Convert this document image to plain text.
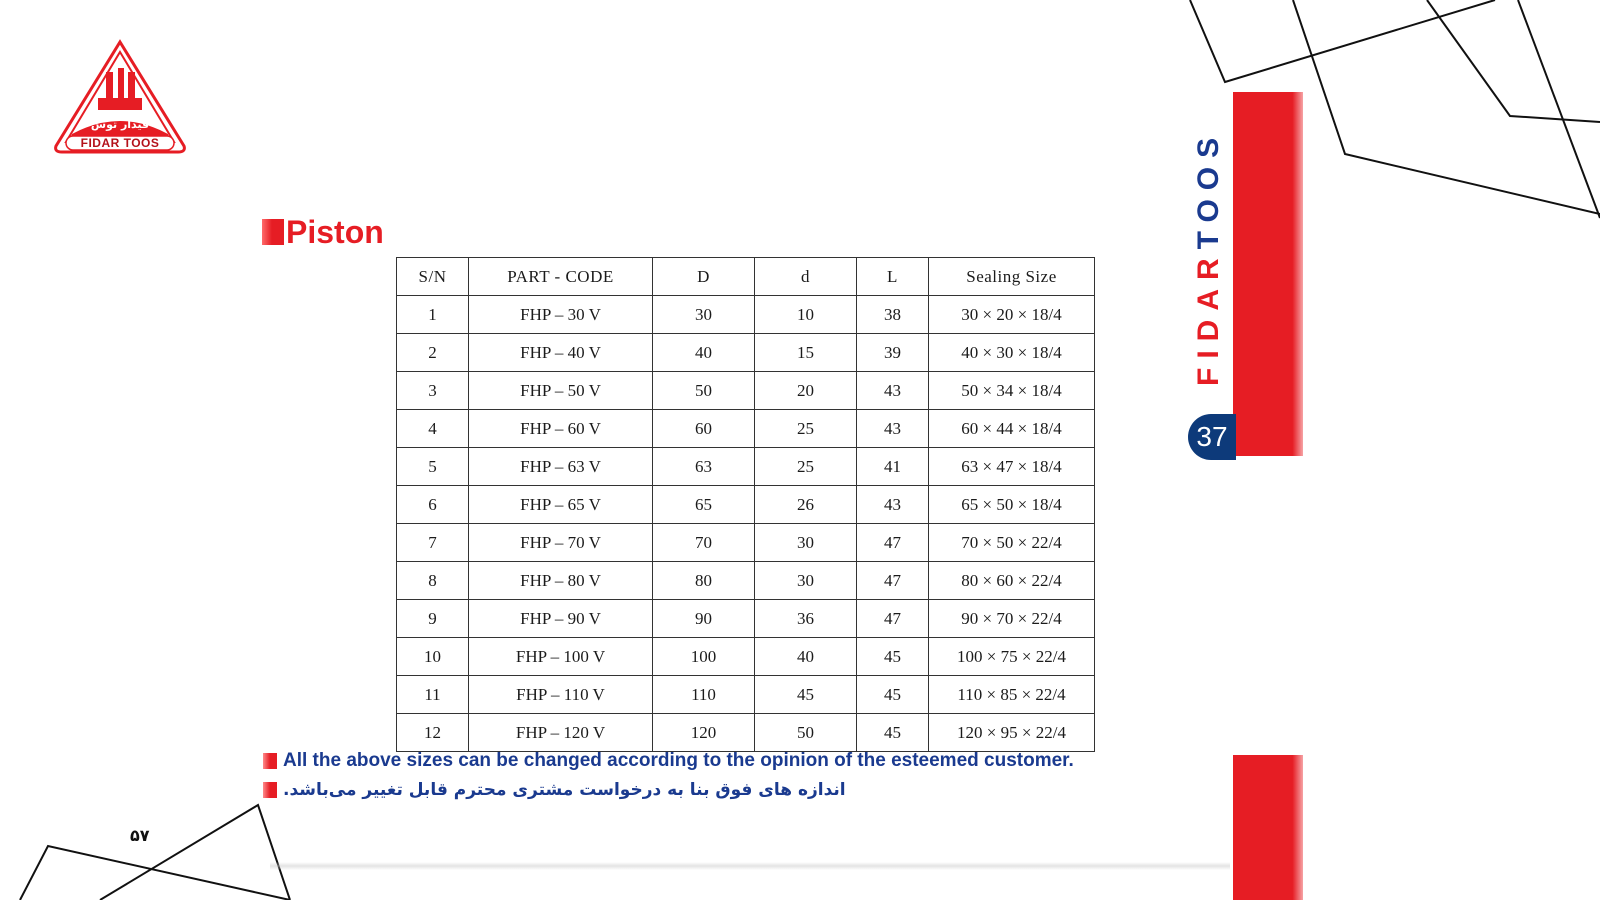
فیدار توس
FIDAR TOOS
Piston
S/N	PART - CODE	D	d	L	Sealing Size
1	FHP – 30 V	30	10	38	30 × 20 × 18/4
2	FHP – 40 V	40	15	39	40 × 30 × 18/4
3	FHP – 50 V	50	20	43	50 × 34 × 18/4
4	FHP – 60 V	60	25	43	60 × 44 × 18/4
5	FHP – 63 V	63	25	41	63 × 47 × 18/4
6	FHP – 65 V	65	26	43	65 × 50 × 18/4
7	FHP – 70 V	70	30	47	70 × 50 × 22/4
8	FHP – 80 V	80	30	47	80 × 60 × 22/4
9	FHP – 90 V	90	36	47	90 × 70 × 22/4
10	FHP – 100 V	100	40	45	100 × 75 × 22/4
11	FHP – 110 V	110	45	45	110 × 85 × 22/4
12	FHP – 120 V	120	50	45	120 × 95 × 22/4
All the above sizes can be changed according to the opinion of the esteemed customer.
اندازه های فوق بنا به درخواست مشتری محترم قابل تغییر می‌باشد.
۵۷
FIDARTOOS
37
